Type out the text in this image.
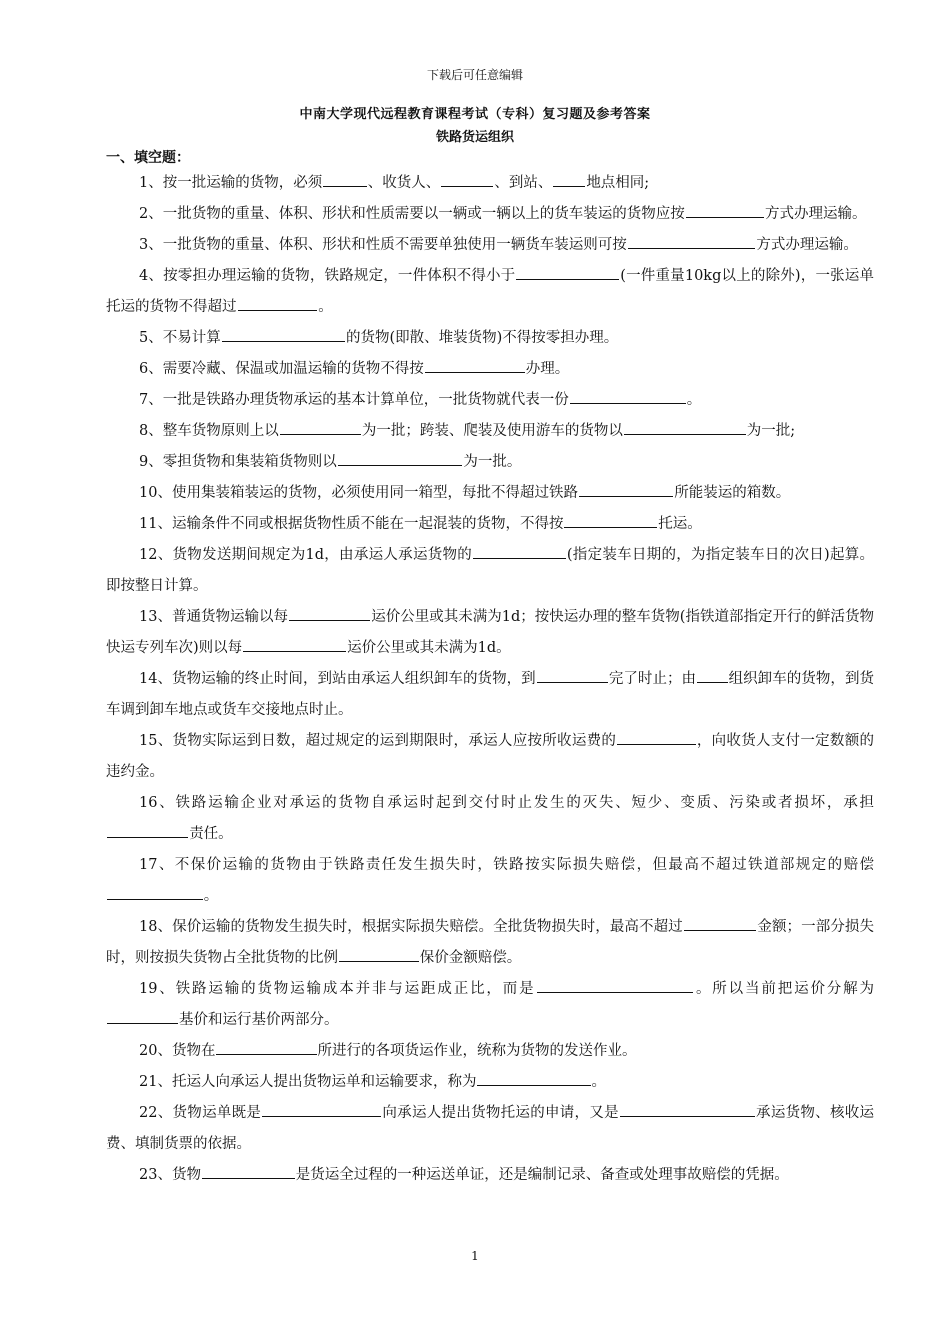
下载后可任意编辑
中南大学现代远程教育课程考试（专科）复习题及参考答案
铁路货运组织
一、填空题：
1、按一批运输的货物，必须	、收货人、	、到站、 地点相同;
2、一批货物的重量、体积、形状和性质需要以一辆或一辆以上的货车装运的货物应按	方式办理运输。
3、一批货物的重量、体积、形状和性质不需要单独使用一辆货车装运则可按	方式办理运输。
4、按零担办理运输的货物，铁路规定，一件体积不得小于	(一件重量10kg以上的除外)，一张运单托运的货物不得超过	。
5、不易计算	的货物(即散、堆装货物)不得按零担办理。
6、需要冷藏、保温或加温运输的货物不得按	办理。
7、一批是铁路办理货物承运的基本计算单位，一批货物就代表一份	。
8、整车货物原则上以	为一批；跨装、爬装及使用游车的货物以	为一批;
9、零担货物和集装箱货物则以	为一批。
10、使用集装箱装运的货物，必须使用同一箱型，每批不得超过铁路	所能装运的箱数。
11、运输条件不同或根据货物性质不能在一起混装的货物，不得按	托运。
12、货物发送期间规定为1d，由承运人承运货物的	(指定装车日期的，为指定装车日的次日)起算。 即按整日计算。
13、普通货物运输以每	运价公里或其未满为1d；按快运办理的整车货物(指铁道部指定开行的鲜活货物快运专列车次)则以每	运价公里或其未满为1d。
14、货物运输的终止时间，到站由承运人组织卸车的货物，到	完了时止；由 组织卸车的货物，到货车调到卸车地点或货车交接地点时止。
15、货物实际运到日数，超过规定的运到期限时，承运人应按所收运费的	，向收货人支付一定数额的违约金。
16、铁路运输企业对承运的货物自承运时起到交付时止发生的灭失、短少、变质、污染或者损坏，承担责任。
17、不保价运输的货物由于铁路责任发生损失时，铁路按实际损失赔偿，但最高不超过铁道部规定的赔偿。
18、保价运输的货物发生损失时，根据实际损失赔偿。全批货物损失时，最高不超过	金额；一部分损失时，则按损失货物占全批货物的比例	保价金额赔偿。
19、铁路运输的货物运输成本并非与运距成正比，而是	。所以当前把运价分解为基价和运行基价两部分。
20、货物在	所进行的各项货运作业，统称为货物的发送作业。
21、托运人向承运人提出货物运单和运输要求，称为	。
22、货物运单既是	向承运人提出货物托运的申请，又是	承运货物、核收运费、填制货票的依据。
23、货物	是货运全过程的一种运送单证，还是编制记录、备查或处理事故赔偿的凭据。
1
